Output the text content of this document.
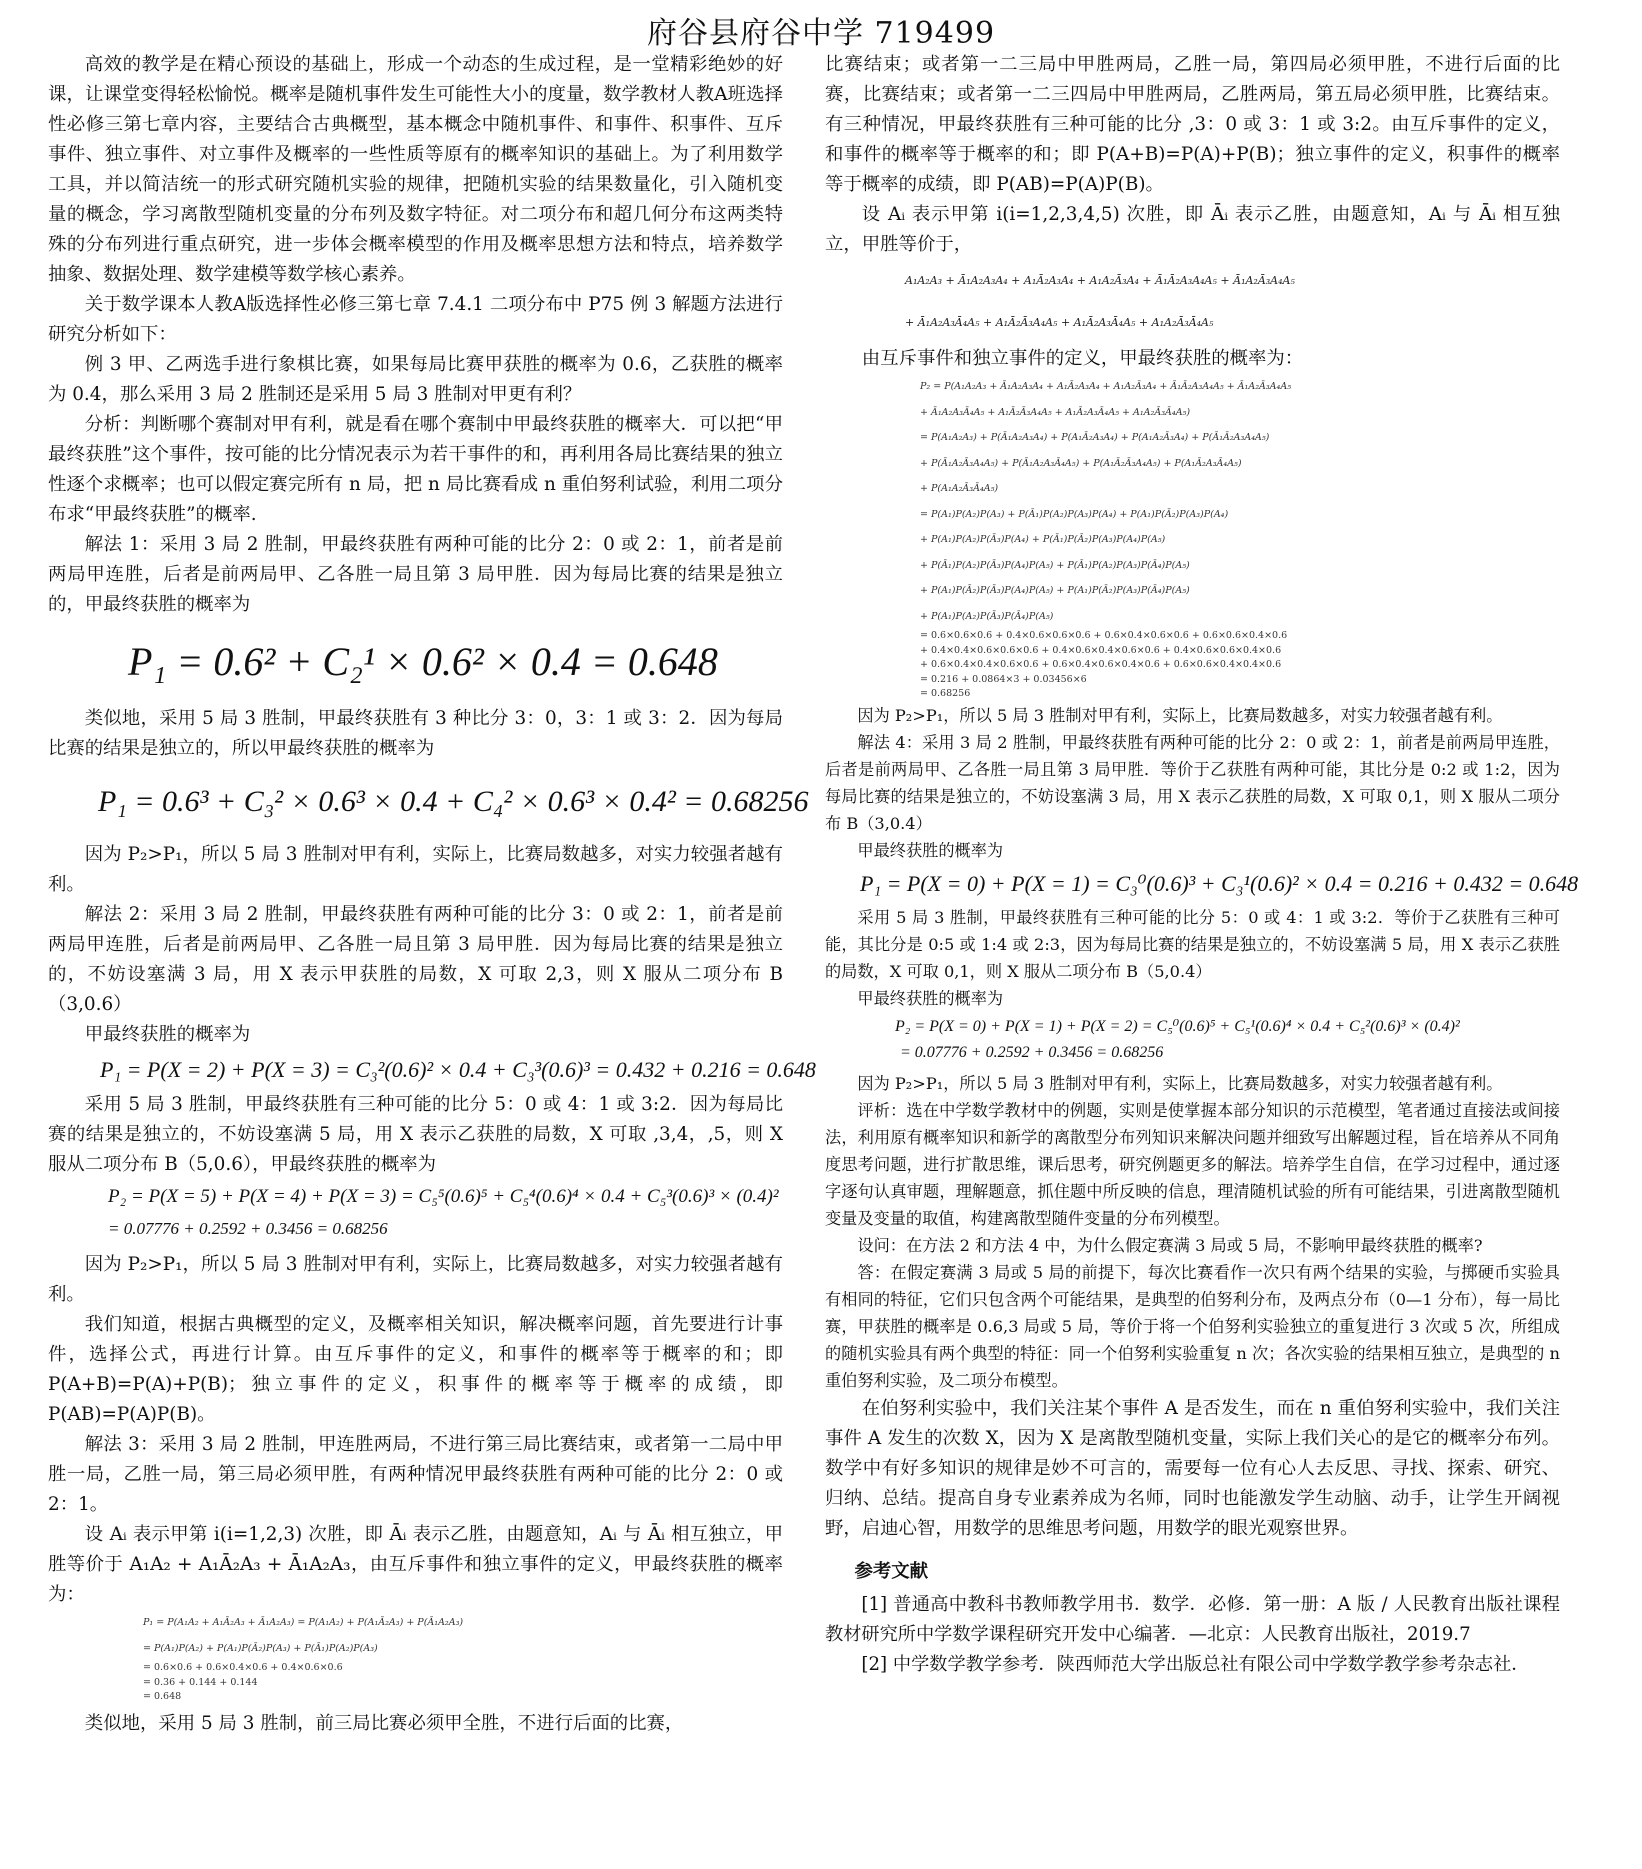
府谷县府谷中学 719499

高效的教学是在精心预设的基础上，形成一个动态的生成过程，是一堂精彩绝妙的好课，让课堂变得轻松愉悦。概率是随机事件发生可能性大小的度量，数学教材人教A班选择性必修三第七章内容，主要结合古典概型，基本概念中随机事件、和事件、积事件、互斥事件、独立事件、对立事件及概率的一些性质等原有的概率知识的基础上。为了利用数学工具，并以简洁统一的形式研究随机实验的规律，把随机实验的结果数量化，引入随机变量的概念，学习离散型随机变量的分布列及数字特征。对二项分布和超几何分布这两类特殊的分布列进行重点研究，进一步体会概率模型的作用及概率思想方法和特点，培养数学抽象、数据处理、数学建模等数学核心素养。

关于数学课本人教A版选择性必修三第七章 7.4.1 二项分布中 P75 例 3 解题方法进行研究分析如下：

例 3 甲、乙两选手进行象棋比赛，如果每局比赛甲获胜的概率为 0.6，乙获胜的概率为 0.4，那么采用 3 局 2 胜制还是采用 5 局 3 胜制对甲更有利？

分析：判断哪个赛制对甲有利，就是看在哪个赛制中甲最终获胜的概率大．可以把“甲最终获胜”这个事件，按可能的比分情况表示为若干事件的和，再利用各局比赛结果的独立性逐个求概率；也可以假定赛完所有 n 局，把 n 局比赛看成 n 重伯努利试验，利用二项分布求“甲最终获胜”的概率.

解法 1：采用 3 局 2 胜制，甲最终获胜有两种可能的比分 2：0 或 2：1，前者是前两局甲连胜，后者是前两局甲、乙各胜一局且第 3 局甲胜．因为每局比赛的结果是独立的，甲最终获胜的概率为

P₁ = 0.6² + C₂¹ × 0.6² × 0.4 = 0.648

类似地，采用 5 局 3 胜制，甲最终获胜有 3 种比分 3：0，3：1 或 3：2．因为每局比赛的结果是独立的，所以甲最终获胜的概率为

P₁ = 0.6³ + C₃² × 0.6³ × 0.4 + C₄² × 0.6³ × 0.4² = 0.68256

因为 P₂>P₁，所以 5 局 3 胜制对甲有利，实际上，比赛局数越多，对实力较强者越有利。

解法 2：采用 3 局 2 胜制，甲最终获胜有两种可能的比分 3：0 或 2：1，前者是前两局甲连胜，后者是前两局甲、乙各胜一局且第 3 局甲胜．因为每局比赛的结果是独立的，不妨设塞满 3 局，用 X 表示甲获胜的局数，X 可取 2,3，则 X 服从二项分布 B（3,0.6）

甲最终获胜的概率为

P₁ = P(X = 2) + P(X = 3) = C₃²(0.6)² × 0.4 + C₃³(0.6)³ = 0.432 + 0.216 = 0.648

采用 5 局 3 胜制，甲最终获胜有三种可能的比分 5：0 或 4：1 或 3:2．因为每局比赛的结果是独立的，不妨设塞满 5 局，用 X 表示乙获胜的局数，X 可取 ,3,4，,5，则 X 服从二项分布 B（5,0.6），甲最终获胜的概率为

P₂ = P(X = 5) + P(X = 4) + P(X = 3) = C₅⁵(0.6)⁵ + C₅⁴(0.6)⁴ × 0.4 + C₅³(0.6)³ × (0.4)²
= 0.07776 + 0.2592 + 0.3456 = 0.68256

因为 P₂>P₁，所以 5 局 3 胜制对甲有利，实际上，比赛局数越多，对实力较强者越有利。

我们知道，根据古典概型的定义，及概率相关知识，解决概率问题，首先要进行计事件，选择公式，再进行计算。由互斥事件的定义，和事件的概率等于概率的和；即 P(A+B)=P(A)+P(B)；独立事件的定义，积事件的概率等于概率的成绩，即 P(AB)=P(A)P(B)。

解法 3：采用 3 局 2 胜制，甲连胜两局，不进行第三局比赛结束，或者第一二局中甲胜一局，乙胜一局，第三局必须甲胜，有两种情况甲最终获胜有两种可能的比分 2：0 或 2：1。

设 Aᵢ 表示甲第 i(i=1,2,3) 次胜，即 Āᵢ 表示乙胜，由题意知，Aᵢ 与 Āᵢ 相互独立，甲胜等价于 A₁A₂ + A₁Ā₂A₃ + Ā₁A₂A₃，由互斥事件和独立事件的定义，甲最终获胜的概率为：

P₁ = P(A₁A₂ + A₁Ā₂A₃ + Ā₁A₂A₃) = P(A₁A₂) + P(A₁Ā₂A₃) + P(Ā₁A₂A₃)
= P(A₁)P(A₂) + P(A₁)P(Ā₂)P(A₃) + P(Ā₁)P(A₂)P(A₃)
= 0.6×0.6 + 0.6×0.4×0.6 + 0.4×0.6×0.6
= 0.36 + 0.144 + 0.144
= 0.648

类似地，采用 5 局 3 胜制，前三局比赛必须甲全胜，不进行后面的比赛，

比赛结束；或者第一二三局中甲胜两局，乙胜一局，第四局必须甲胜，不进行后面的比赛，比赛结束；或者第一二三四局中甲胜两局，乙胜两局，第五局必须甲胜，比赛结束。有三种情况，甲最终获胜有三种可能的比分 ,3：0 或 3：1 或 3:2。由互斥事件的定义，和事件的概率等于概率的和；即 P(A+B)=P(A)+P(B)；独立事件的定义，积事件的概率等于概率的成绩，即 P(AB)=P(A)P(B)。

设 Aᵢ 表示甲第 i(i=1,2,3,4,5) 次胜，即 Āᵢ 表示乙胜，由题意知，Aᵢ 与 Āᵢ 相互独立，甲胜等价于，

A₁A₂A₃ + Ā₁A₂A₃A₄ + A₁Ā₂A₃A₄ + A₁A₂Ā₃A₄ + Ā₁Ā₂A₃A₄A₅ + Ā₁A₂Ā₃A₄A₅
+ Ā₁A₂A₃Ā₄A₅ + A₁Ā₂Ā₃A₄A₅ + A₁Ā₂A₃Ā₄A₅ + A₁A₂Ā₃Ā₄A₅

由互斥事件和独立事件的定义，甲最终获胜的概率为：

P₂ = P(A₁A₂A₃ + Ā₁A₂A₃A₄ + A₁Ā₂A₃A₄ + A₁A₂Ā₃A₄ + Ā₁Ā₂A₃A₄A₅ + Ā₁A₂Ā₃A₄A₅
+ Ā₁A₂A₃Ā₄A₅ + A₁Ā₂Ā₃A₄A₅ + A₁Ā₂A₃Ā₄A₅ + A₁A₂Ā₃Ā₄A₅)
= P(A₁A₂A₃) + P(Ā₁A₂A₃A₄) + P(A₁Ā₂A₃A₄) + P(A₁A₂Ā₃A₄) + P(Ā₁Ā₂A₃A₄A₅)
+ P(Ā₁A₂Ā₃A₄A₅) + P(Ā₁A₂A₃Ā₄A₅) + P(A₁Ā₂Ā₃A₄A₅) + P(A₁Ā₂A₃Ā₄A₅)
+ P(A₁A₂Ā₃Ā₄A₅)
= P(A₁)P(A₂)P(A₃) + P(Ā₁)P(A₂)P(A₃)P(A₄) + P(A₁)P(Ā₂)P(A₃)P(A₄)
+ P(A₁)P(A₂)P(Ā₃)P(A₄) + P(Ā₁)P(Ā₂)P(A₃)P(A₄)P(A₅)
+ P(Ā₁)P(A₂)P(Ā₃)P(A₄)P(A₅) + P(Ā₁)P(A₂)P(A₃)P(Ā₄)P(A₅)
+ P(A₁)P(Ā₂)P(Ā₃)P(A₄)P(A₅) + P(A₁)P(Ā₂)P(A₃)P(Ā₄)P(A₅)
+ P(A₁)P(A₂)P(Ā₃)P(Ā₄)P(A₅)
= 0.6×0.6×0.6 + 0.4×0.6×0.6×0.6 + 0.6×0.4×0.6×0.6 + 0.6×0.6×0.4×0.6
+ 0.4×0.4×0.6×0.6×0.6 + 0.4×0.6×0.4×0.6×0.6 + 0.4×0.6×0.6×0.4×0.6
+ 0.6×0.4×0.4×0.6×0.6 + 0.6×0.4×0.6×0.4×0.6 + 0.6×0.6×0.4×0.4×0.6
= 0.216 + 0.0864×3 + 0.03456×6
= 0.68256

因为 P₂>P₁，所以 5 局 3 胜制对甲有利，实际上，比赛局数越多，对实力较强者越有利。

解法 4：采用 3 局 2 胜制，甲最终获胜有两种可能的比分 2：0 或 2：1，前者是前两局甲连胜，后者是前两局甲、乙各胜一局且第 3 局甲胜．等价于乙获胜有两种可能，其比分是 0:2 或 1:2，因为每局比赛的结果是独立的，不妨设塞满 3 局，用 X 表示乙获胜的局数，X 可取 0,1，则 X 服从二项分布 B（3,0.4）

甲最终获胜的概率为

P₁ = P(X = 0) + P(X = 1) = C₃⁰(0.6)³ + C₃¹(0.6)² × 0.4 = 0.216 + 0.432 = 0.648

采用 5 局 3 胜制，甲最终获胜有三种可能的比分 5：0 或 4：1 或 3:2．等价于乙获胜有三种可能，其比分是 0:5 或 1:4 或 2:3，因为每局比赛的结果是独立的，不妨设塞满 5 局，用 X 表示乙获胜的局数，X 可取 0,1，则 X 服从二项分布 B（5,0.4）

甲最终获胜的概率为

P₂ = P(X = 0) + P(X = 1) + P(X = 2) = C₅⁰(0.6)⁵ + C₅¹(0.6)⁴ × 0.4 + C₅²(0.6)³ × (0.4)²
= 0.07776 + 0.2592 + 0.3456 = 0.68256

因为 P₂>P₁，所以 5 局 3 胜制对甲有利，实际上，比赛局数越多，对实力较强者越有利。

评析：选在中学数学教材中的例题，实则是使掌握本部分知识的示范模型，笔者通过直接法或间接法，利用原有概率知识和新学的离散型分布列知识来解决问题并细致写出解题过程，旨在培养从不同角度思考问题，进行扩散思维，课后思考，研究例题更多的解法。培养学生自信，在学习过程中，通过逐字逐句认真审题，理解题意，抓住题中所反映的信息，理清随机试验的所有可能结果，引进离散型随机变量及变量的取值，构建离散型随件变量的分布列模型。

设问：在方法 2 和方法 4 中，为什么假定赛满 3 局或 5 局，不影响甲最终获胜的概率?

答：在假定赛满 3 局或 5 局的前提下，每次比赛看作一次只有两个结果的实验，与掷硬币实验具有相同的特征，它们只包含两个可能结果，是典型的伯努利分布，及两点分布（0—1 分布），每一局比赛，甲获胜的概率是 0.6,3 局或 5 局，等价于将一个伯努利实验独立的重复进行 3 次或 5 次，所组成的随机实验具有两个典型的特征：同一个伯努利实验重复 n 次；各次实验的结果相互独立，是典型的 n 重伯努利实验，及二项分布模型。

在伯努利实验中，我们关注某个事件 A 是否发生，而在 n 重伯努利实验中，我们关注事件 A 发生的次数 X，因为 X 是离散型随机变量，实际上我们关心的是它的概率分布列。数学中有好多知识的规律是妙不可言的，需要每一位有心人去反思、寻找、探索、研究、归纳、总结。提高自身专业素养成为名师，同时也能激发学生动脑、动手，让学生开阔视野，启迪心智，用数学的思维思考问题，用数学的眼光观察世界。

参考文献

[1] 普通高中教科书教师教学用书．数学．必修．第一册：A 版 / 人民教育出版社课程教材研究所中学数学课程研究开发中心编著．—北京：人民教育出版社，2019.7

[2] 中学数学教学参考．陕西师范大学出版总社有限公司中学数学教学参考杂志社．
